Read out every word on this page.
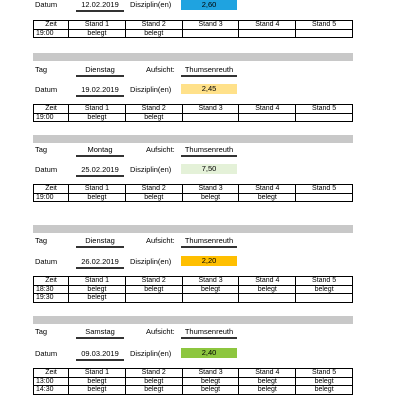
Datum	12.02.2019	Disziplin(en)	2,60
Zeit	Stand 1	Stand 2	Stand 3	Stand 4	Stand 5
19:00	belegt	belegt			
Tag	Dienstag	Aufsicht:	Thumsenreuth
Datum	19.02.2019	Disziplin(en)	2,45
Zeit	Stand 1	Stand 2	Stand 3	Stand 4	Stand 5
19:00	belegt	belegt			
Tag	Montag	Aufsicht:	Thumsenreuth
Datum	25.02.2019	Disziplin(en)	7,50
Zeit	Stand 1	Stand 2	Stand 3	Stand 4	Stand 5
19:00	belegt	belegt	belegt	belegt	
Tag	Dienstag	Aufsicht:	Thumsenreuth
Datum	26.02.2019	Disziplin(en)	2,20
Zeit	Stand 1	Stand 2	Stand 3	Stand 4	Stand 5
18:30	belegt	belegt	belegt	belegt	belegt
19:30	belegt				
Tag	Samstag	Aufsicht:	Thumsenreuth
Datum	09.03.2019	Disziplin(en)	2,40
Zeit	Stand 1	Stand 2	Stand 3	Stand 4	Stand 5
13:00	belegt	belegt	belegt	belegt	belegt
14:30	belegt	belegt	belegt	belegt	belegt
